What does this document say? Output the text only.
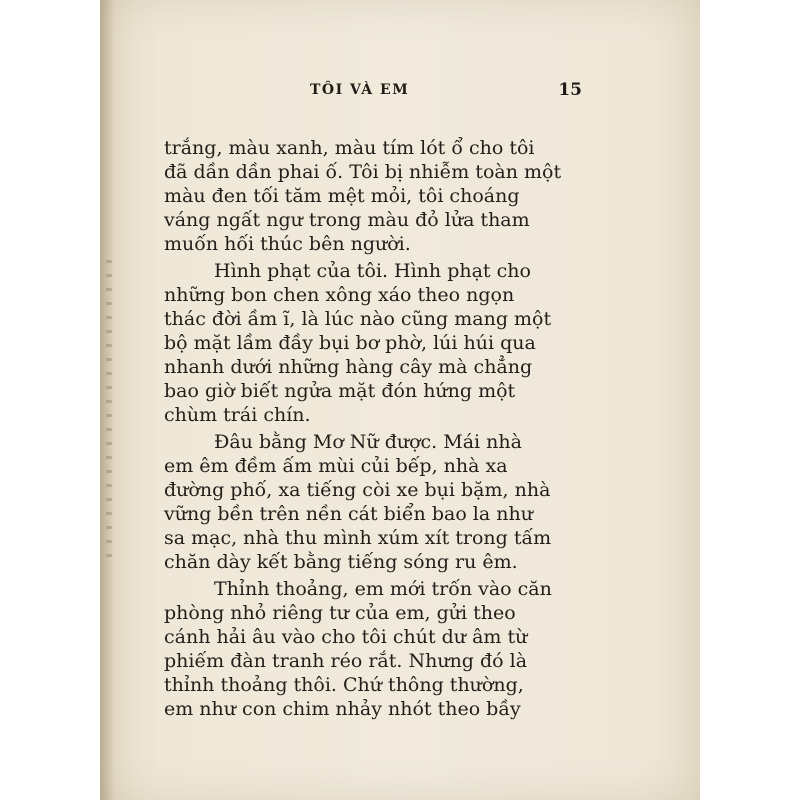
TÔI VÀ EM	15
trắng, màu xanh, màu tím lót ổ cho tôi
đã dần dần phai ố. Tôi bị nhiễm toàn một
màu đen tối tăm mệt mỏi, tôi choáng
váng ngất ngư trong màu đỏ lửa tham
muốn hối thúc bên người.
Hình phạt của tôi. Hình phạt cho
những bon chen xông xáo theo ngọn
thác đời ầm ĩ, là lúc nào cũng mang một
bộ mặt lầm đầy bụi bơ phờ, lúi húi qua
nhanh dưới những hàng cây mà chẳng
bao giờ biết ngửa mặt đón hứng một
chùm trái chín.
Đâu bằng Mơ Nữ được. Mái nhà
em êm đềm ấm mùi củi bếp, nhà xa
đường phố, xa tiếng còi xe bụi bặm, nhà
vững bền trên nền cát biển bao la như
sa mạc, nhà thu mình xúm xít trong tấm
chăn dày kết bằng tiếng sóng ru êm.
Thỉnh thoảng, em mới trốn vào căn
phòng nhỏ riêng tư của em, gửi theo
cánh hải âu vào cho tôi chút dư âm từ
phiếm đàn tranh réo rắt. Nhưng đó là
thỉnh thoảng thôi. Chứ thông thường,
em như con chim nhảy nhót theo bầy
